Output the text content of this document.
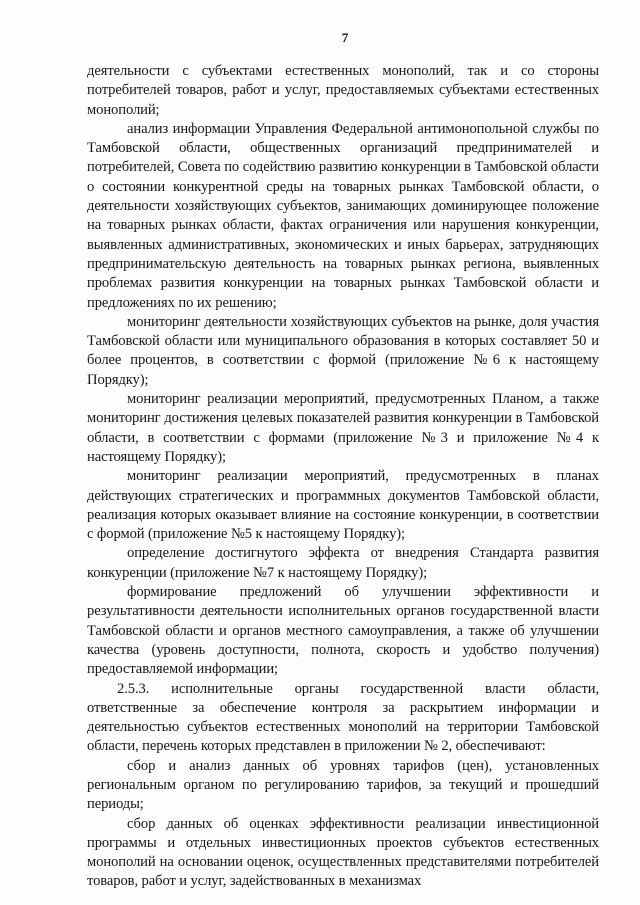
7

деятельности с субъектами естественных монополий, так и со стороны потребителей товаров, работ и услуг, предоставляемых субъектами естественных монополий;

анализ информации Управления Федеральной антимонопольной службы по Тамбовской области, общественных организаций предпринимателей и потребителей, Совета по содействию развитию конкуренции в Тамбовской области о состоянии конкурентной среды на товарных рынках Тамбовской области, о деятельности хозяйствующих субъектов, занимающих доминирующее положение на товарных рынках области, фактах ограничения или нарушения конкуренции, выявленных административных, экономических и иных барьерах, затрудняющих предпринимательскую деятельность на товарных рынках региона, выявленных проблемах развития конкуренции на товарных рынках Тамбовской области и предложениях по их решению;

мониторинг деятельности хозяйствующих субъектов на рынке, доля участия Тамбовской области или муниципального образования в которых составляет 50 и более процентов, в соответствии с формой (приложение №6 к настоящему Порядку);

мониторинг реализации мероприятий, предусмотренных Планом, а также мониторинг достижения целевых показателей развития конкуренции в Тамбовской области, в соответствии с формами (приложение №3 и приложение №4 к настоящему Порядку);

мониторинг реализации мероприятий, предусмотренных в планах действующих стратегических и программных документов Тамбовской области, реализация которых оказывает влияние на состояние конкуренции, в соответствии с формой (приложение №5 к настоящему Порядку);

определение достигнутого эффекта от внедрения Стандарта развития конкуренции (приложение №7 к настоящему Порядку);

формирование предложений об улучшении эффективности и результативности деятельности исполнительных органов государственной власти Тамбовской области и органов местного самоуправления, а также об улучшении качества (уровень доступности, полнота, скорость и удобство получения) предоставляемой информации;

2.5.3. исполнительные органы государственной власти области, ответственные за обеспечение контроля за раскрытием информации и деятельностью субъектов естественных монополий на территории Тамбовской области, перечень которых представлен в приложении № 2, обеспечивают:

сбор и анализ данных об уровнях тарифов (цен), установленных региональным органом по регулированию тарифов, за текущий и прошедший периоды;

сбор данных об оценках эффективности реализации инвестиционной программы и отдельных инвестиционных проектов субъектов естественных монополий на основании оценок, осуществленных представителями потребителей товаров, работ и услуг, задействованных в механизмах
